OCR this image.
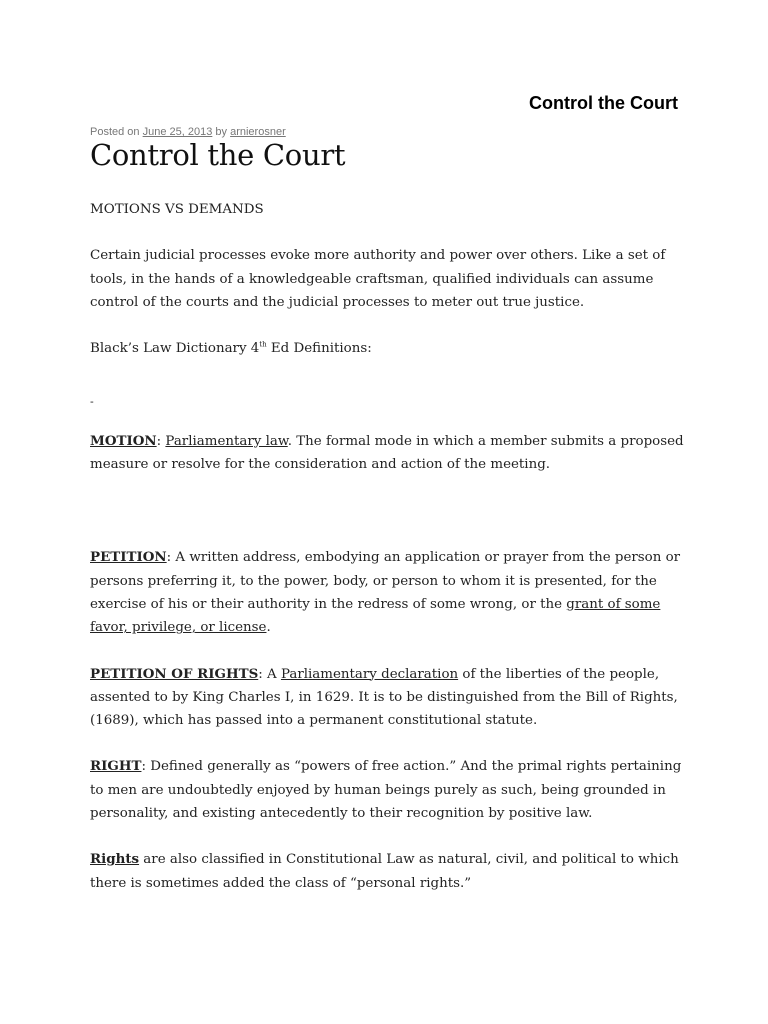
Control the Court
Posted on June 25, 2013 by arnierosner
Control the Court

MOTIONS VS DEMANDS

Certain judicial processes evoke more authority and power over others. Like a set of tools, in the hands of a knowledgeable craftsman, qualified individuals can assume control of the courts and the judicial processes to meter out true justice.

Black’s Law Dictionary 4th Ed Definitions:

-

MOTION: Parliamentary law. The formal mode in which a member submits a proposed measure or resolve for the consideration and action of the meeting.

PETITION: A written address, embodying an application or prayer from the person or persons preferring it, to the power, body, or person to whom it is presented, for the exercise of his or their authority in the redress of some wrong, or the grant of some favor, privilege, or license.

PETITION OF RIGHTS: A Parliamentary declaration of the liberties of the people, assented to by King Charles I, in 1629. It is to be distinguished from the Bill of Rights, (1689), which has passed into a permanent constitutional statute.

RIGHT: Defined generally as “powers of free action.” And the primal rights pertaining to men are undoubtedly enjoyed by human beings purely as such, being grounded in personality, and existing antecedently to their recognition by positive law.

Rights are also classified in Constitutional Law as natural, civil, and political to which there is sometimes added the class of “personal rights.”
